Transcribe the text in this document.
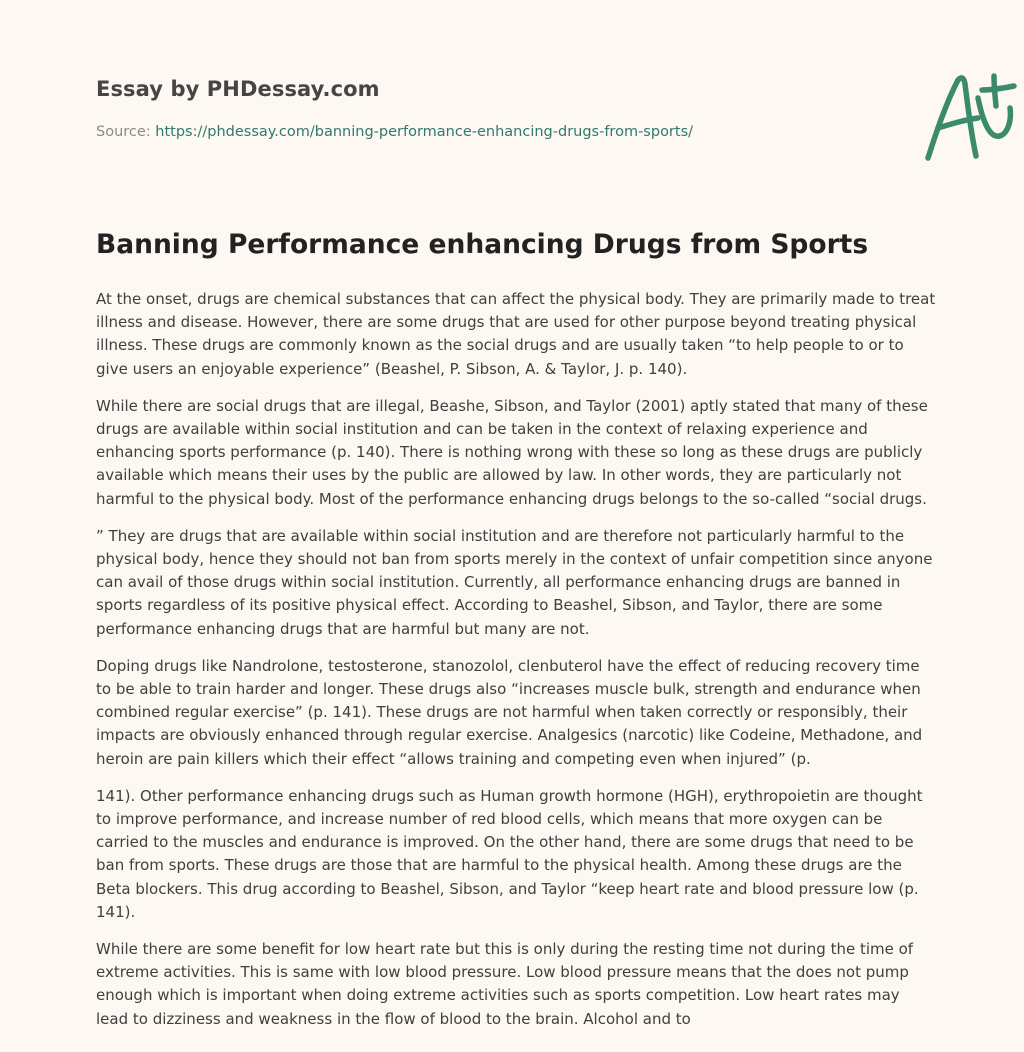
Essay by PHDessay.com
Source: https://phdessay.com/banning-performance-enhancing-drugs-from-sports/
Banning Performance enhancing Drugs from Sports

At the onset, drugs are chemical substances that can affect the physical body. They are primarily made to treat illness and disease. However, there are some drugs that are used for other purpose beyond treating physical illness. These drugs are commonly known as the social drugs and are usually taken “to help people to or to give users an enjoyable experience” (Beashel, P. Sibson, A. & Taylor, J. p. 140).

While there are social drugs that are illegal, Beashe, Sibson, and Taylor (2001) aptly stated that many of these drugs are available within social institution and can be taken in the context of relaxing experience and enhancing sports performance (p. 140). There is nothing wrong with these so long as these drugs are publicly available which means their uses by the public are allowed by law. In other words, they are particularly not harmful to the physical body. Most of the performance enhancing drugs belongs to the so-called “social drugs.

” They are drugs that are available within social institution and are therefore not particularly harmful to the physical body, hence they should not ban from sports merely in the context of unfair competition since anyone can avail of those drugs within social institution. Currently, all performance enhancing drugs are banned in sports regardless of its positive physical effect. According to Beashel, Sibson, and Taylor, there are some performance enhancing drugs that are harmful but many are not.

Doping drugs like Nandrolone, testosterone, stanozolol, clenbuterol have the effect of reducing recovery time to be able to train harder and longer. These drugs also “increases muscle bulk, strength and endurance when combined regular exercise” (p. 141). These drugs are not harmful when taken correctly or responsibly, their impacts are obviously enhanced through regular exercise. Analgesics (narcotic) like Codeine, Methadone, and heroin are pain killers which their effect “allows training and competing even when injured” (p.

141). Other performance enhancing drugs such as Human growth hormone (HGH), erythropoietin are thought to improve performance, and increase number of red blood cells, which means that more oxygen can be carried to the muscles and endurance is improved. On the other hand, there are some drugs that need to be ban from sports. These drugs are those that are harmful to the physical health. Among these drugs are the Beta blockers. This drug according to Beashel, Sibson, and Taylor “keep heart rate and blood pressure low (p. 141).

While there are some benefit for low heart rate but this is only during the resting time not during the time of extreme activities. This is same with low blood pressure. Low blood pressure means that the does not pump enough which is important when doing extreme activities such as sports competition. Low heart rates may lead to dizziness and weakness in the flow of blood to the brain. Alcohol and to
